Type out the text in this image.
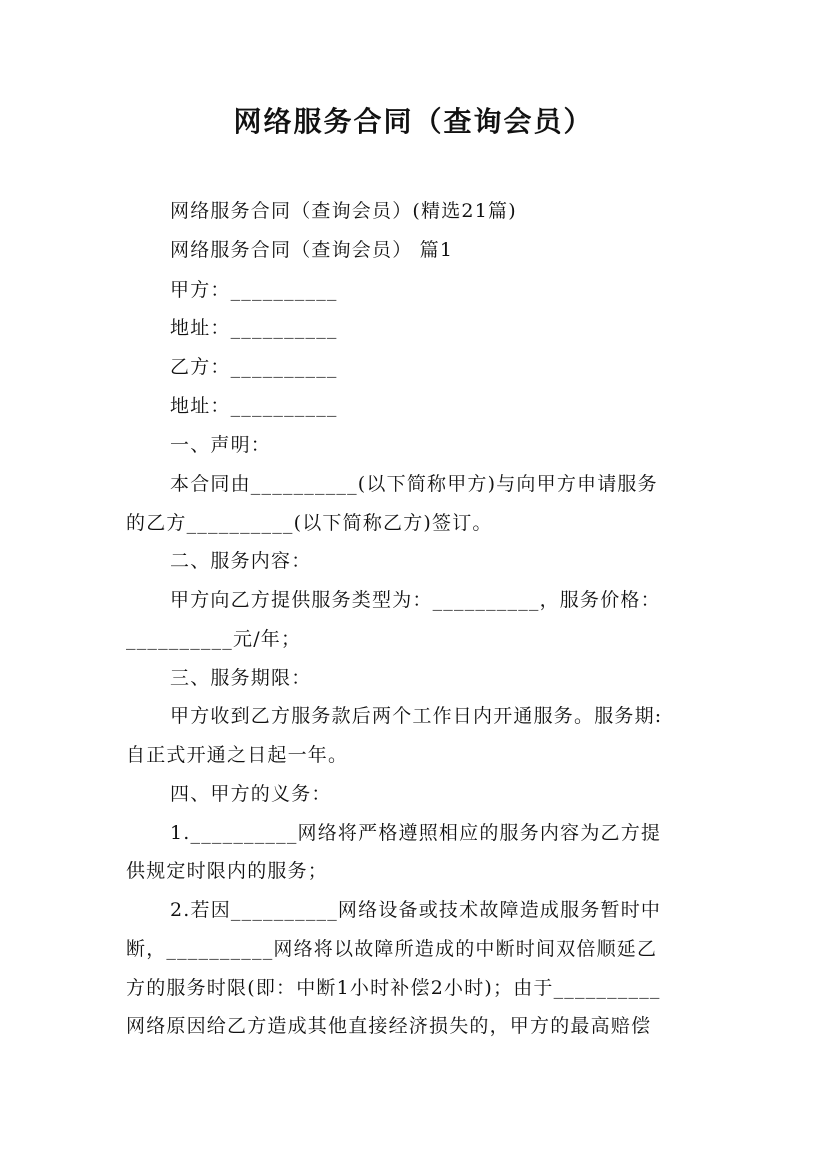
网络服务合同（查询会员）
网络服务合同（查询会员）(精选21篇)
网络服务合同（查询会员） 篇1
甲方：__________
地址：__________
乙方：__________
地址：__________
一、声明：
本合同由__________(以下简称甲方)与向甲方申请服务
的乙方__________(以下简称乙方)签订。
二、服务内容：
甲方向乙方提供服务类型为：__________，服务价格：
__________元/年；
三、服务期限：
甲方收到乙方服务款后两个工作日内开通服务。服务期:
自正式开通之日起一年。
四、甲方的义务：
1.__________网络将严格遵照相应的服务内容为乙方提
供规定时限内的服务；
2.若因__________网络设备或技术故障造成服务暂时中
断，__________网络将以故障所造成的中断时间双倍顺延乙
方的服务时限(即：中断1小时补偿2小时)；由于__________
网络原因给乙方造成其他直接经济损失的，甲方的最高赔偿
